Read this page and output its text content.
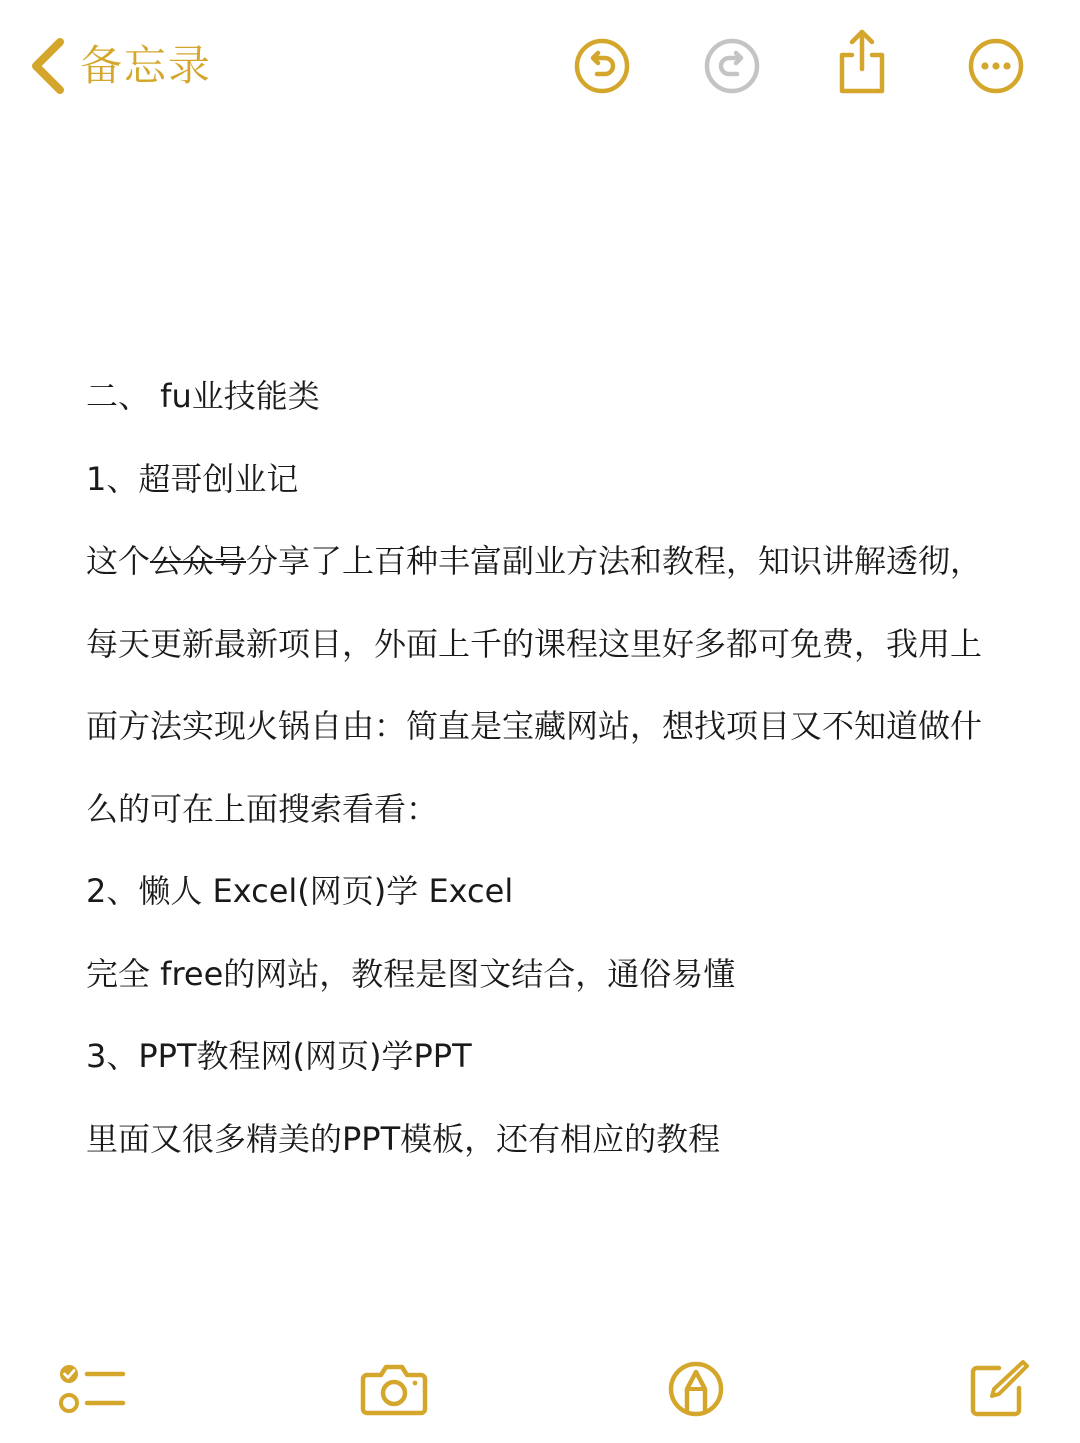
备忘录

二、 fu业技能类

1、超哥创业记

这个公众号分享了上百种丰富副业方法和教程，知识讲解透彻，

每天更新最新项目，外面上千的课程这里好多都可免费，我用上

面方法实现火锅自由：简直是宝藏网站，想找项目又不知道做什

么的可在上面搜索看看：

2、懒人 Excel(网页)学 Excel

完全 free的网站，教程是图文结合，通俗易懂

3、PPT教程网(网页)学PPT

里面又很多精美的PPT模板，还有相应的教程
